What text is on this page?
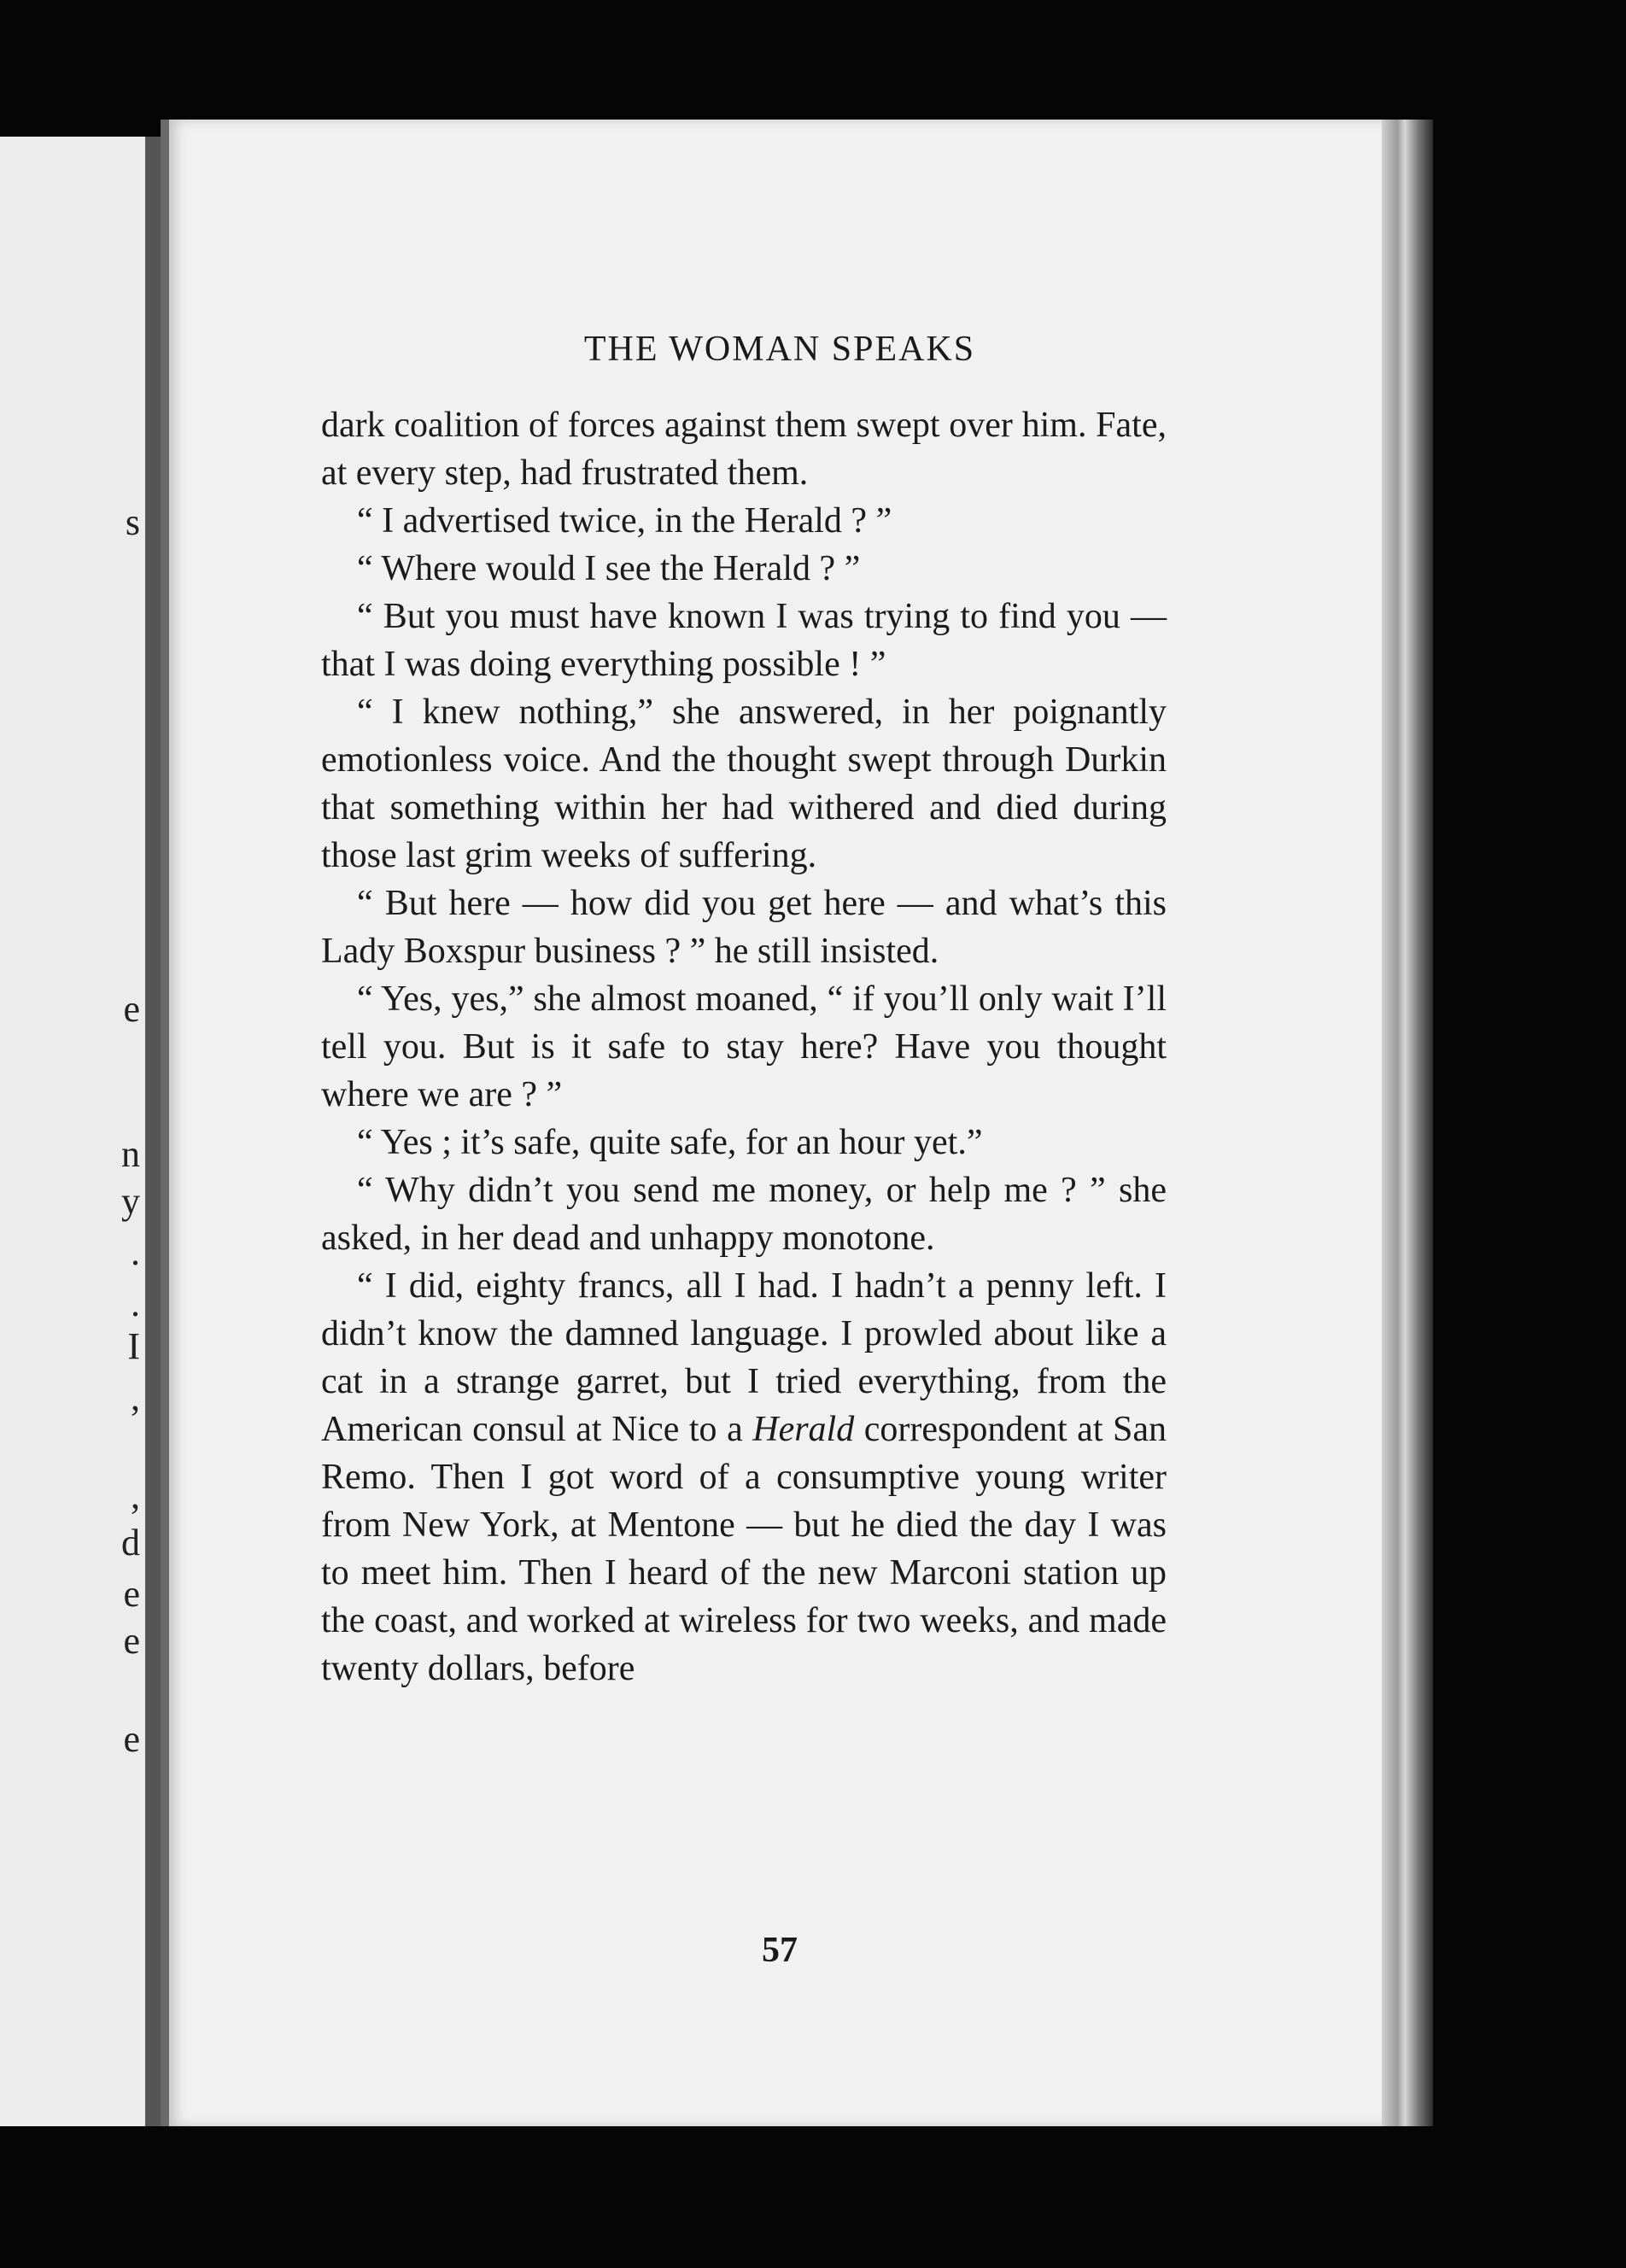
s
e
n
y
.
.
I
,
,
d
e
e
e
THE WOMAN SPEAKS

dark coalition of forces against them swept over him. Fate, at every step, had frustrated them.

“ I advertised twice, in the Herald ? ”

“ Where would I see the Herald ? ”

“ But you must have known I was trying to find you — that I was doing everything possible ! ”

“ I knew nothing,” she answered, in her poignantly emotionless voice. And the thought swept through Durkin that something within her had withered and died during those last grim weeks of suffering.

“ But here — how did you get here — and what’s this Lady Boxspur business ? ” he still insisted.

“ Yes, yes,” she almost moaned, “ if you’ll only wait I’ll tell you. But is it safe to stay here? Have you thought where we are ? ”

“ Yes ; it’s safe, quite safe, for an hour yet.”

“ Why didn’t you send me money, or help me ? ” she asked, in her dead and unhappy monotone.

“ I did, eighty francs, all I had. I hadn’t a penny left. I didn’t know the damned language. I prowled about like a cat in a strange garret, but I tried everything, from the American consul at Nice to a Herald correspondent at San Remo. Then I got word of a consumptive young writer from New York, at Mentone — but he died the day I was to meet him. Then I heard of the new Marconi station up the coast, and worked at wireless for two weeks, and made twenty dollars, before

57
